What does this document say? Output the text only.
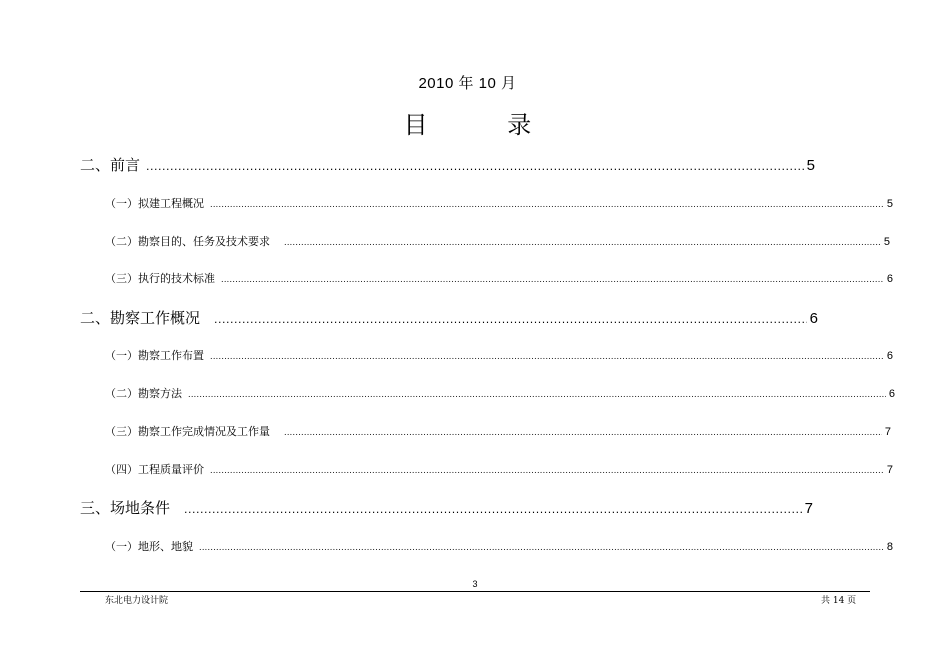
2010 年 10 月
目 录
二、前言 .....	5
（一）拟建工程概况 .....	5
（二）勘察目的、任务及技术要求 .....	5
（三）执行的技术标准 .....	6
二、勘察工作概况 .....	6
（一）勘察工作布置 .....	6
（二）勘察方法 .....	6
（三）勘察工作完成情况及工作量 .....	7
（四）工程质量评价 .....	7
三、场地条件 .....	7
（一）地形、地貌 .....	8
3
东北电力设计院	共 14 页
